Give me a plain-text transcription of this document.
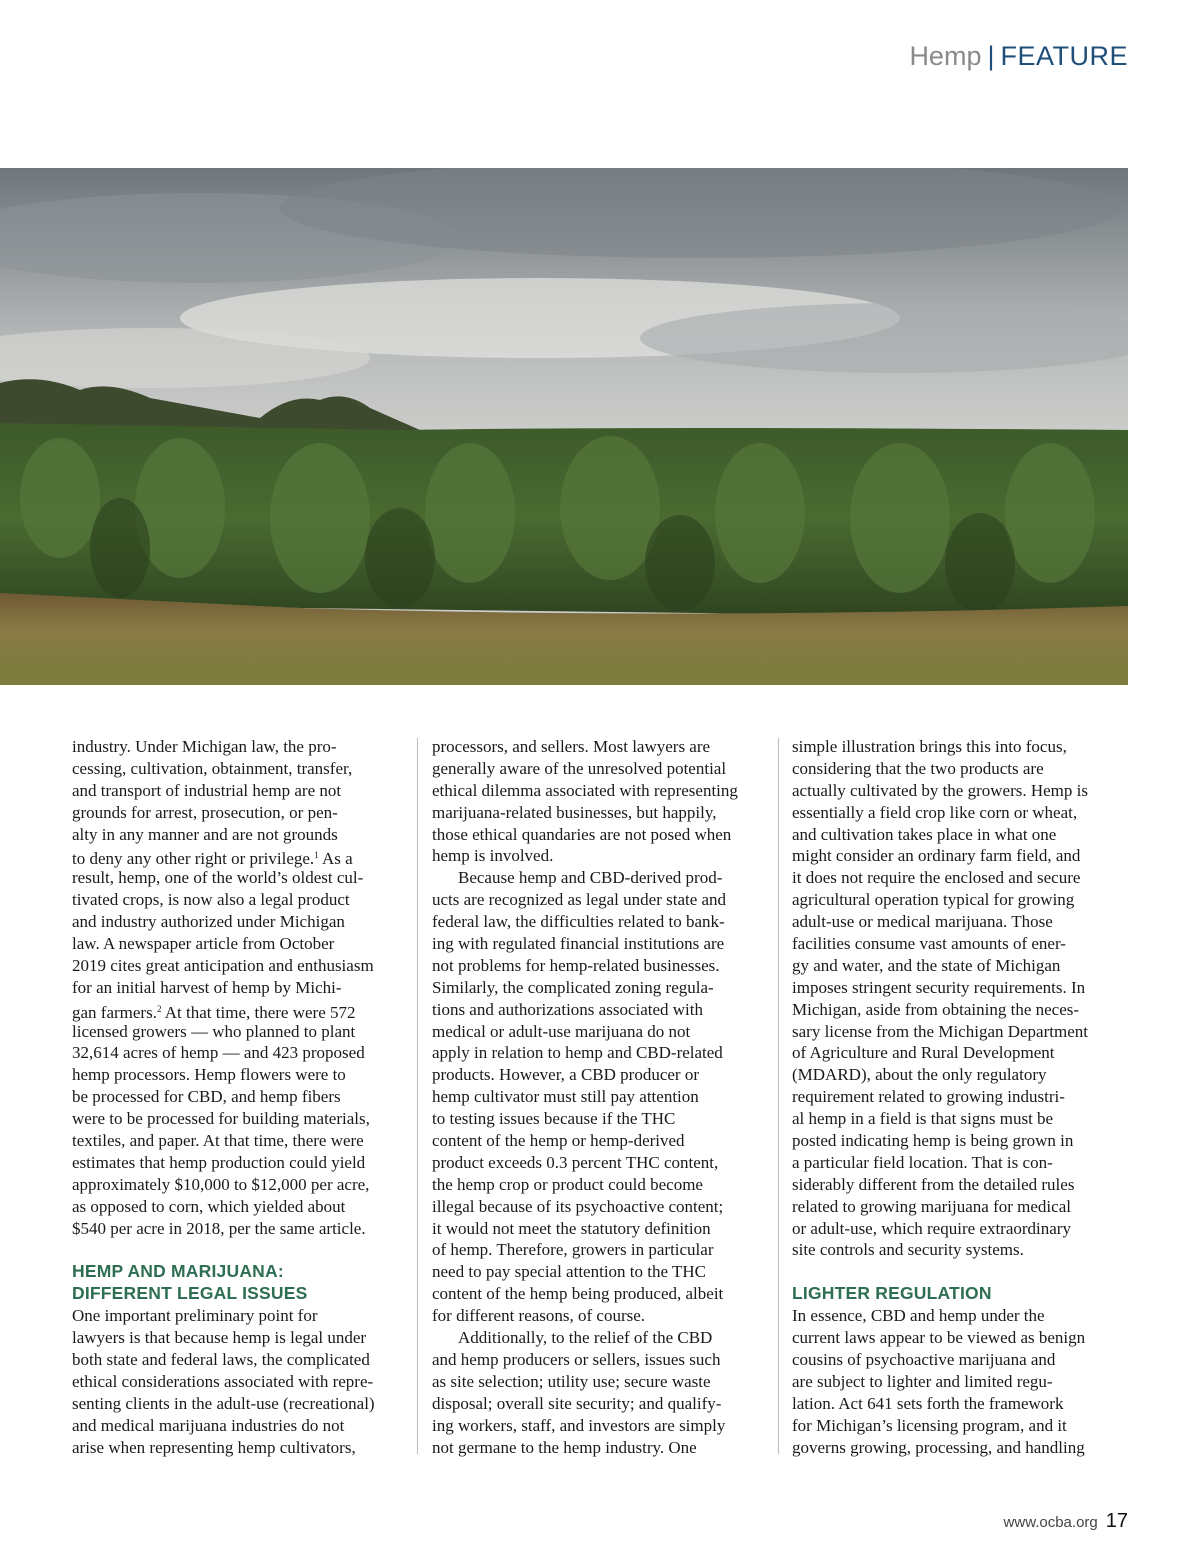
Hemp | FEATURE
industry. Under Michigan law, the pro-
cessing, cultivation, obtainment, transfer,
and transport of industrial hemp are not
grounds for arrest, prosecution, or pen-
alty in any manner and are not grounds
to deny any other right or privilege.$^1$ As a
result, hemp, one of the world’s oldest cul-
tivated crops, is now also a legal product
and industry authorized under Michigan
law. A newspaper article from October
2019 cites great anticipation and enthusiasm
for an initial harvest of hemp by Michi-
gan farmers.$^2$ At that time, there were 572
licensed growers — who planned to plant
32,614 acres of hemp — and 423 proposed
hemp processors. Hemp flowers were to
be processed for CBD, and hemp fibers
were to be processed for building materials,
textiles, and paper. At that time, there were
estimates that hemp production could yield
approximately $10,000 to $12,000 per acre,
as opposed to corn, which yielded about
$540 per acre in 2018, per the same article.
HEMP AND MARIJUANA:
DIFFERENT LEGAL ISSUES
One important preliminary point for
lawyers is that because hemp is legal under
both state and federal laws, the complicated
ethical considerations associated with repre-
senting clients in the adult-use (recreational)
and medical marijuana industries do not
arise when representing hemp cultivators,
processors, and sellers. Most lawyers are
generally aware of the unresolved potential
ethical dilemma associated with representing
marijuana-related businesses, but happily,
those ethical quandaries are not posed when
hemp is involved.
Because hemp and CBD-derived prod-
ucts are recognized as legal under state and
federal law, the difficulties related to bank-
ing with regulated financial institutions are
not problems for hemp-related businesses.
Similarly, the complicated zoning regula-
tions and authorizations associated with
medical or adult-use marijuana do not
apply in relation to hemp and CBD-related
products. However, a CBD producer or
hemp cultivator must still pay attention
to testing issues because if the THC
content of the hemp or hemp-derived
product exceeds 0.3 percent THC content,
the hemp crop or product could become
illegal because of its psychoactive content;
it would not meet the statutory definition
of hemp. Therefore, growers in particular
need to pay special attention to the THC
content of the hemp being produced, albeit
for different reasons, of course.
Additionally, to the relief of the CBD
and hemp producers or sellers, issues such
as site selection; utility use; secure waste
disposal; overall site security; and qualify-
ing workers, staff, and investors are simply
not germane to the hemp industry. One
simple illustration brings this into focus,
considering that the two products are
actually cultivated by the growers. Hemp is
essentially a field crop like corn or wheat,
and cultivation takes place in what one
might consider an ordinary farm field, and
it does not require the enclosed and secure
agricultural operation typical for growing
adult-use or medical marijuana. Those
facilities consume vast amounts of ener-
gy and water, and the state of Michigan
imposes stringent security requirements. In
Michigan, aside from obtaining the neces-
sary license from the Michigan Department
of Agriculture and Rural Development
(MDARD), about the only regulatory
requirement related to growing industri-
al hemp in a field is that signs must be
posted indicating hemp is being grown in
a particular field location. That is con-
siderably different from the detailed rules
related to growing marijuana for medical
or adult-use, which require extraordinary
site controls and security systems.
LIGHTER REGULATION
In essence, CBD and hemp under the
current laws appear to be viewed as benign
cousins of psychoactive marijuana and
are subject to lighter and limited regu-
lation. Act 641 sets forth the framework
for Michigan’s licensing program, and it
governs growing, processing, and handling
www.ocba.org 17
